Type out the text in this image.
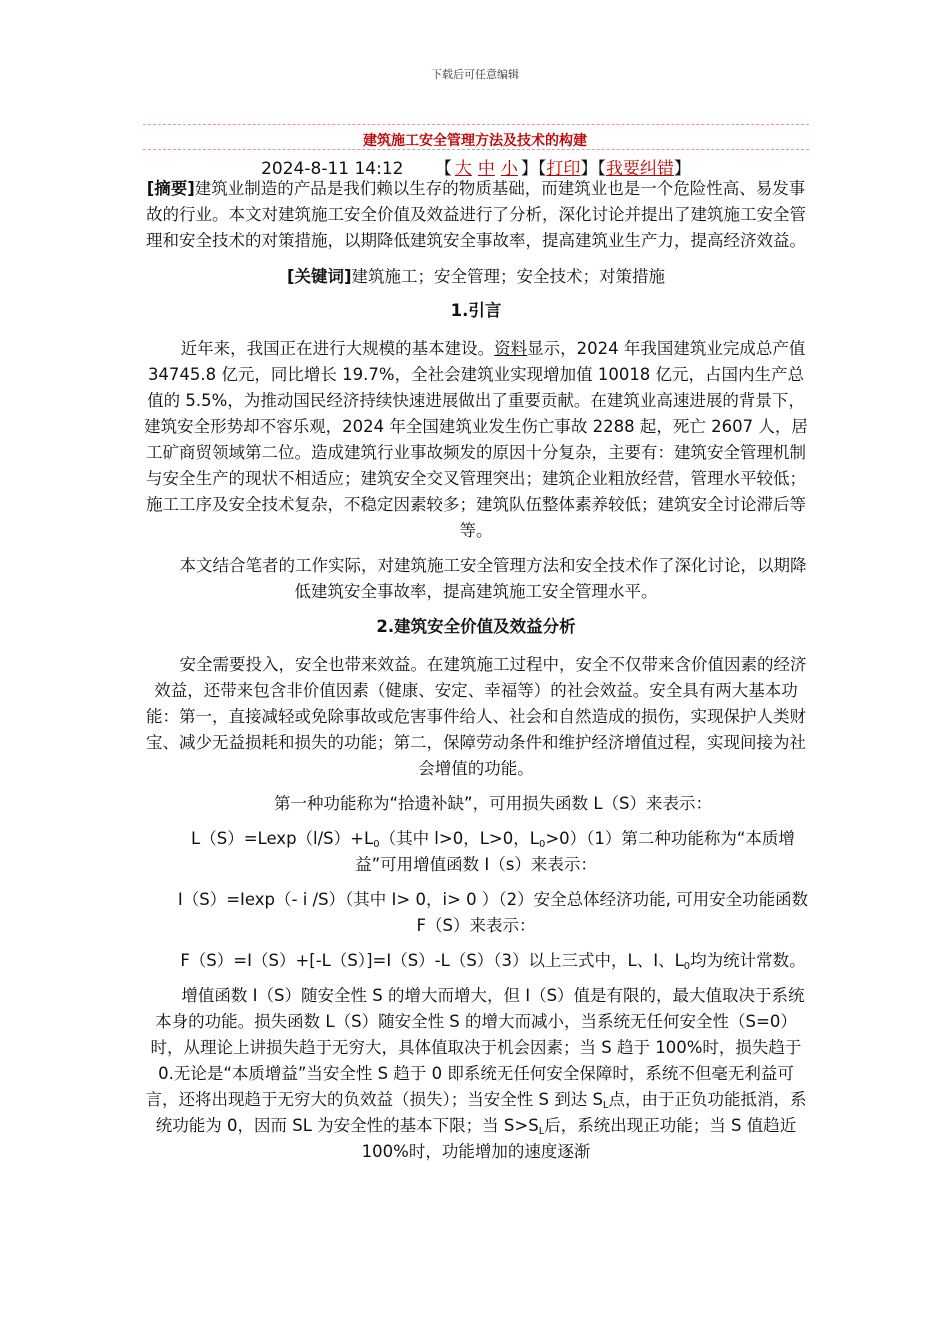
下载后可任意编辑
建筑施工安全管理方法及技术的构建
2024-8-11 14:12 【 大 中 小 】【打印】【我要纠错】

[摘要]建筑业制造的产品是我们赖以生存的物质基础，而建筑业也是一个危险性高、易发事故的行业。本文对建筑施工安全价值及效益进行了分析，深化讨论并提出了建筑施工安全管理和安全技术的对策措施，以期降低建筑安全事故率，提高建筑业生产力，提高经济效益。

[关键词]建筑施工；安全管理；安全技术；对策措施

1.引言

近年来，我国正在进行大规模的基本建设。资料显示，2024 年我国建筑业完成总产值 34745.8 亿元，同比增长 19.7%，全社会建筑业实现增加值 10018 亿元，占国内生产总值的 5.5%，为推动国民经济持续快速进展做出了重要贡献。在建筑业高速进展的背景下，建筑安全形势却不容乐观，2024 年全国建筑业发生伤亡事故 2288 起，死亡 2607 人，居工矿商贸领域第二位。造成建筑行业事故频发的原因十分复杂，主要有：建筑安全管理机制与安全生产的现状不相适应；建筑安全交叉管理突出；建筑企业粗放经营，管理水平较低；施工工序及安全技术复杂，不稳定因素较多；建筑队伍整体素养较低；建筑安全讨论滞后等等。

本文结合笔者的工作实际，对建筑施工安全管理方法和安全技术作了深化讨论，以期降低建筑安全事故率，提高建筑施工安全管理水平。

2.建筑安全价值及效益分析

安全需要投入，安全也带来效益。在建筑施工过程中，安全不仅带来含价值因素的经济效益，还带来包含非价值因素（健康、安定、幸福等）的社会效益。安全具有两大基本功能：第一，直接减轻或免除事故或危害事件给人、社会和自然造成的损伤，实现保护人类财宝、减少无益损耗和损失的功能；第二，保障劳动条件和维护经济增值过程，实现间接为社会增值的功能。

第一种功能称为“拾遗补缺”，可用损失函数 L（S）来表示：

$L(S)=Lexp(l/S)+L_0$（其中 l>0，L>0，$L_0>0)(1)$第二种功能称为“本质增益”可用增值函数 I（s）来表示：

I（S）=Iexp（- i /S）（其中 I> 0，i> 0 ）（2）安全总体经济功能, 可用安全功能函数 F（S）来表示：

F（S）=I（S）+[-L（S）]=I（S）-L（S）（3）以上三式中，L、I、$L_0$均为统计常数。

增值函数 I（S）随安全性 S 的增大而增大，但 I（S）值是有限的，最大值取决于系统本身的功能。损失函数 L（S）随安全性 S 的增大而减小，当系统无任何安全性（S=0）时，从理论上讲损失趋于无穷大，具体值取决于机会因素；当 S 趋于 100%时，损失趋于 0.无论是“本质增益”当安全性 S 趋于 0 即系统无任何安全保障时，系统不但毫无利益可言，还将出现趋于无穷大的负效益（损失）；当安全性 S 到达 $S_L$点，由于正负功能抵消，系统功能为 0，因而 SL 为安全性的基本下限；当 $S>S_L$后，系统出现正功能；当 S 值趋近 100%时，功能增加的速度逐渐
